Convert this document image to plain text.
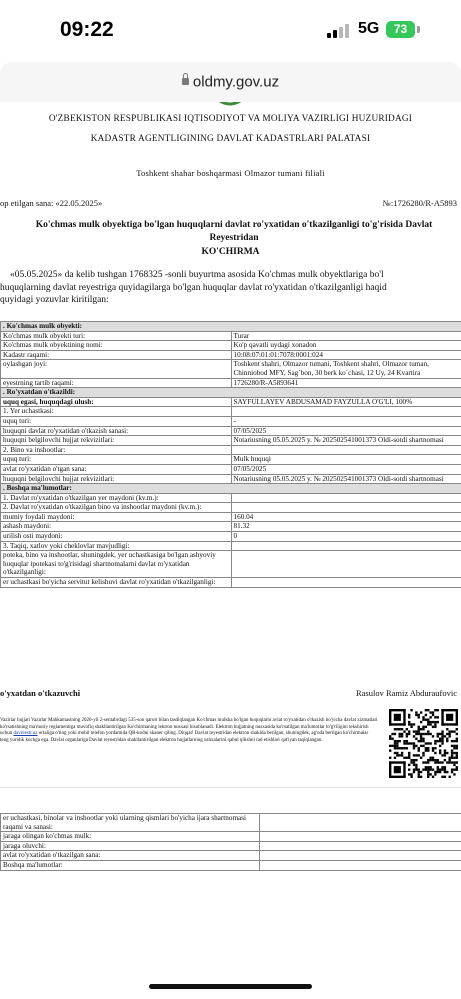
09:22	5G	73
oldmy.gov.uz
O'ZBEKISTON RESPUBLIKASI IQTISODIYOT VA MOLIYA VAZIRLIGI HUZURIDAGI
KADASTR AGENTLIGINING DAVLAT KADASTRLARI PALATASI
Toshkent shahar boshqarmasi Olmazor tumani filiali
op etilgan sana: «22.05.2025»	№:1726280/R-A5893
Ko'chmas mulk obyektiga bo'lgan huquqlarni davlat ro'yxatidan o'tkazilganligi to'g'risida Davlat Reyestridan
KO'CHIRMA
«05.05.2025» da kelib tushgan 1768325 -sonli buyurtma asosida Ko'chmas mulk obyektlariga bo'l
huquqlarning davlat reyestriga quyidagilarga bo'lgan huquqlar davlat ro'yxatidan o'tkazilganligi haqid
quyidagi yozuvlar kiritilgan:
. Ko'chmas mulk obyekti:	
Ko'chmas mulk obyekti turi:	Turar
Ko'chmas mulk obyektining nomi:	Ko'p qavatli uydagi xonadon
Kadastr raqami:	10:08:07:01:01:7078:0001:024
oylashgan joyi:	Toshkent shahri, Olmazor tumani, Toshkent shahri, Olmazor tuman, Chinniobod MFY, Sag`bon, 30 berk ko`chasi, 12 Uy, 24 Kvartira
eyestrning tartib raqami:	1726280/R-A5893641
. Ro'yxatdan o'tkazildi:	
uquq egasi, huquqdagi ulush:	SAYFULLAYEV ABDUSAMAD FAYZULLA O'G'LI, 100%
1. Yer uchastkasi:	
uquq turi:	-
huquqni davlat ro'yxatidan o'tkazish sanasi:	07/05/2025
huquqni belgilovchi hujjat rekvizitlari:	Notariusning 05.05.2025 y. № 202502541001373 Oldi-sotdi shartnomasi
2. Bino va inshootlar:	
uquq turi:	Mulk huquqi
avlat ro'yxatidan o'tgan sana:	07/05/2025
huquqni belgilovchi hujjat rekvizitlari:	Notariusning 05.05.2025 y. № 202502541001373 Oldi-sotdi shartnomasi
. Boshqa ma'lumotlar:	
1. Davlat ro'yxatidan o'tkazilgan yer maydoni (kv.m.):	
2. Davlat ro'yxatidan o'tkazilgan bino va inshootlar maydoni (kv.m.):	
mumiy foydali maydoni:	160.04
ashash maydoni:	81.32
urilish osti maydoni:	0
3. Taqiq, xatlov yoki cheklovlar mavjudligi:	
poteka, bino va inshootlar, shuningdek, yer uchastkasiga bo'lgan ashyoviy huquqlar ipotekasi to'g'risidagi shartnomalarni davlat ro'yxatidan o'tkazilganligi:	
er uchastkasi bo'yicha servitut kelishuvi davlat ro'yxatidan o'tkazilganligi:	
o'yxatdan o'tkazuvchi	Rasulov Ramiz Abduraufovic
Vazirlar hujjati Vazirlar Mahkamasining 2020-yil 2-sentabrdagi 535-son qarori bilan tasdiqlangan Ko'chmas mulkka bo'lgan huquqlarni avlat ro'yxatidan o'tkazish bo'yicha davlat xizmatlari ko'rsatishning ma'muriy reglamentiga muvofiq shakllantirilgan Ko'chirmaning lektron nusxasi hisoblanadi. Elektron hujjatning nusxasida ko'rsatilgan ma'lumotlar to'g'riligini tekshirish uchun davreestr.uz ortaliga o'ting yoki mobil telefon yordamida QR-kodni skaner qiling. Diqqat! Davlat reyestridan elektron shaklda berilgan, shuningdek, ag'oda berilgan ko'chirmalar teng yuridik kuchga ega. Davlat organlariga Davlat reyestridan shakllantirilgan elektron hujjatlarning ushxalarini qabul qilishni rad etishlari qat'iyan taqiqlangan.
er uchastkasi, binolar va inshootlar yoki ularning qismlari bo'yicha ijara shartnomasi raqami va sanasi:	
jaraga olingan ko'chmas mulk:	
jaraga oluvchi:	
avlat ro'yxatidan o'tkazilgan sana:	
Boshqa ma'lumotlar:	
